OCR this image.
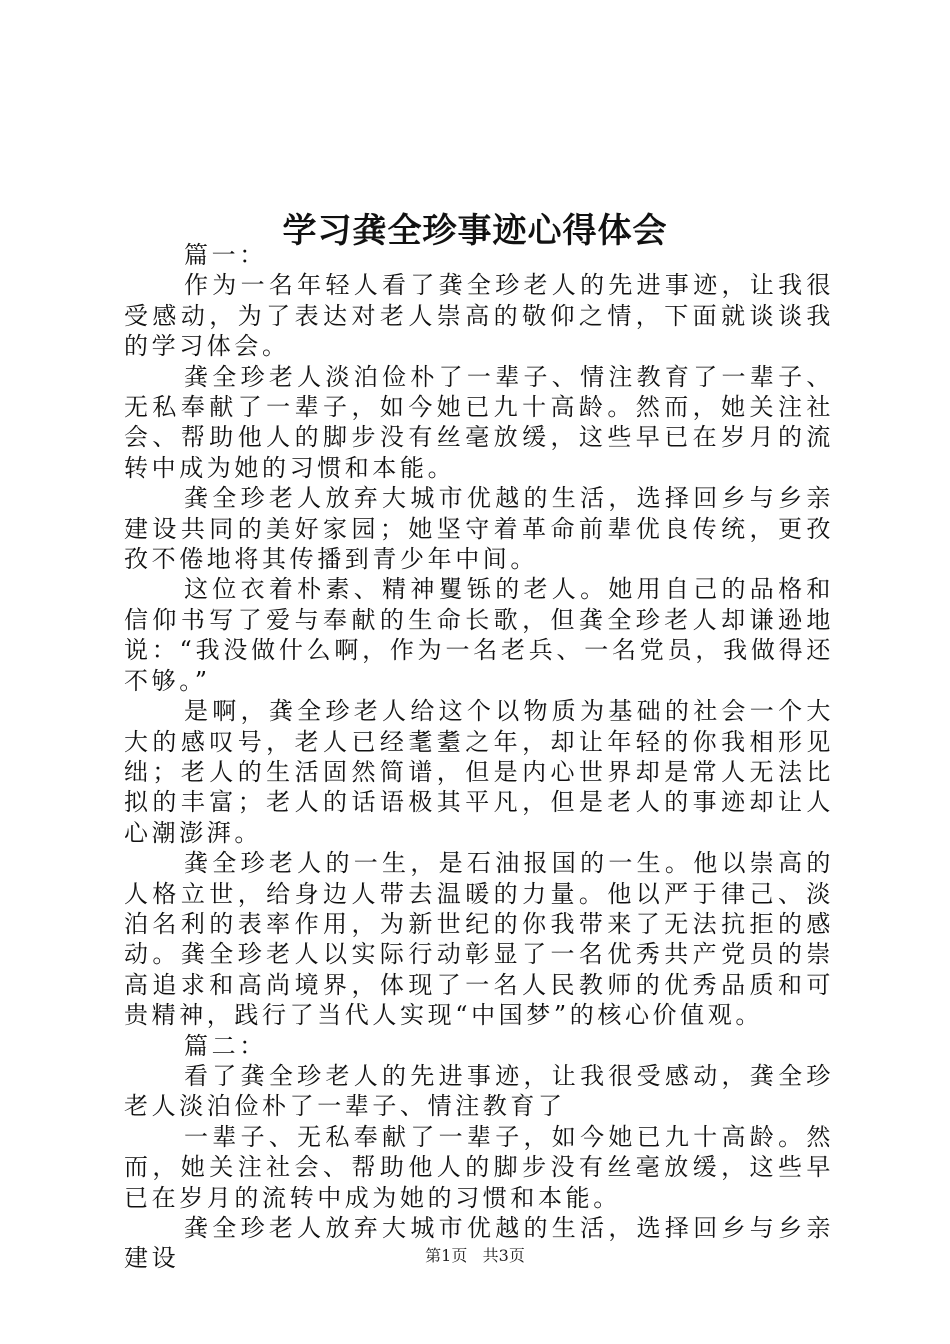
学习龚全珍事迹心得体会

篇一：

作为一名年轻人看了龚全珍老人的先进事迹，让我很受感动，为了表达对老人崇高的敬仰之情，下面就谈谈我的学习体会。

龚全珍老人淡泊俭朴了一辈子、情注教育了一辈子、无私奉献了一辈子，如今她已九十高龄。然而，她关注社会、帮助他人的脚步没有丝毫放缓，这些早已在岁月的流转中成为她的习惯和本能。

龚全珍老人放弃大城市优越的生活，选择回乡与乡亲建设共同的美好家园；她坚守着革命前辈优良传统，更孜孜不倦地将其传播到青少年中间。

这位衣着朴素、精神矍铄的老人。她用自己的品格和信仰书写了爱与奉献的生命长歌，但龚全珍老人却谦逊地说：“我没做什么啊，作为一名老兵、一名党员，我做得还不够。”

是啊，龚全珍老人给这个以物质为基础的社会一个大大的感叹号，老人已经耄耋之年，却让年轻的你我相形见绌；老人的生活固然简谱，但是内心世界却是常人无法比拟的丰富；老人的话语极其平凡，但是老人的事迹却让人心潮澎湃。

龚全珍老人的一生，是石油报国的一生。他以崇高的人格立世，给身边人带去温暖的力量。他以严于律己、淡泊名利的表率作用，为新世纪的你我带来了无法抗拒的感动。龚全珍老人以实际行动彰显了一名优秀共产党员的崇高追求和高尚境界，体现了一名人民教师的优秀品质和可贵精神，践行了当代人实现“中国梦”的核心价值观。

篇二：

看了龚全珍老人的先进事迹，让我很受感动，龚全珍老人淡泊俭朴了一辈子、情注教育了

一辈子、无私奉献了一辈子，如今她已九十高龄。然而，她关注社会、帮助他人的脚步没有丝毫放缓，这些早已在岁月的流转中成为她的习惯和本能。

龚全珍老人放弃大城市优越的生活，选择回乡与乡亲建设	第1页 共3页
